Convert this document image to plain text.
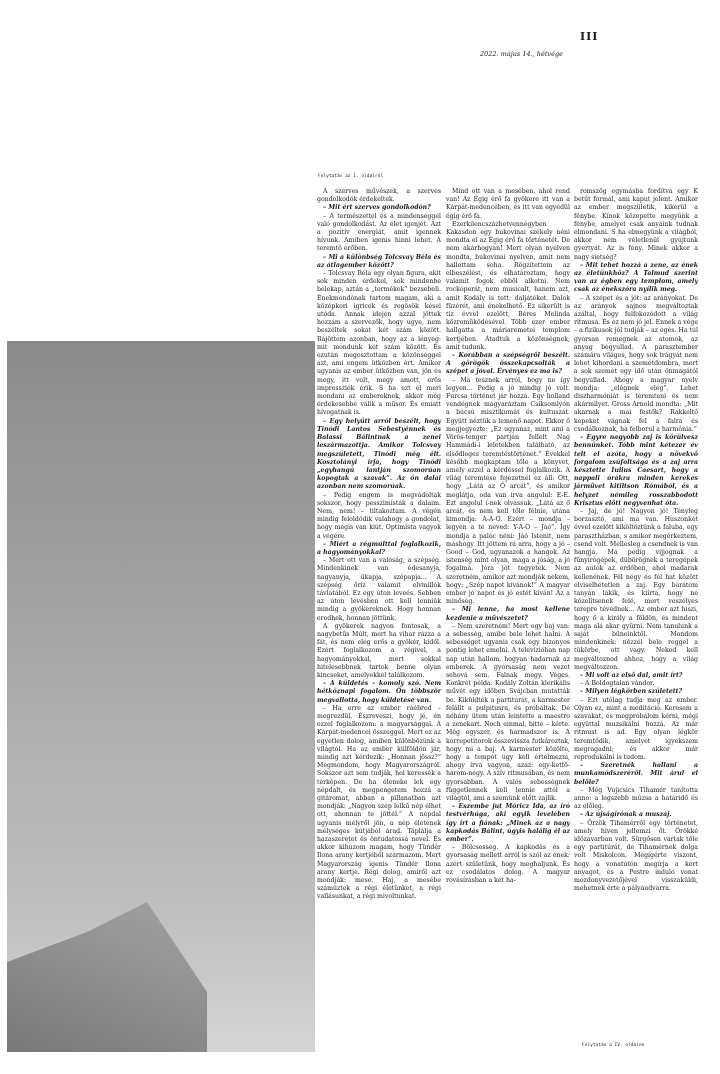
III
2022. május 14., hétvége
Folytatás az I. oldalról

A szerves művészek, a szerves gondolkodók érdekeltek.

– Mit ért szerves gondolkodón?

– A természettel és a mindenséggel való gondolkodást. Az élet igenjét. Azt a pozitív energiát, amit igennek hívunk. Amiben igenis hinni lehet. A teremtő erőben.

– Mi a különbség Tolcsvay Béla és az átlagember között?

– Tolcsvay Béla egy olyan figura, akit sok minden érdekel, sok mindenbe belekap, aztán a „termékek” bezsebeli. Énekmondónak tartom magam, aki a középkori igricek és regösök kései utóda. Annak idején azzal jöttek hozzám a szervezők, hogy ugye, nem beszéltek sokat két szám között. Rájöttem azonban, hogy az a lényeg: mit mondunk két szám között. És ezután megosztottam a közönséggel azt, ami engem ütközben ért. Amikor ugyanis az ember ütközben van, jön és megy, itt volt, megy amott, erős impressziók érik. S ha ezt el meri mondani az embereknek, akkor még érdekesebbé válik a műsor. És emiatt hívogatnak is.

– Egy helyütt arról beszélt, hogy Tinódi Lantos Sebestyénnek és Balassi Bálintnak a zenei leszármazottja. Amikor Tolcsvay megszületett, Tinódi még élt. Kosztolányi írja, hogy Tinódi „egyhangú lantján szomorúan kopogtak a szavak”. Az ön dalai azonban nem szomorúak.

– Pedig engem is megvádoltak sokszor, hogy pesszimisták a dalaim. Nem, nem! – tiltakoztam. A végén mindig feloldódik valahogy a gondolat, hogy mégis van kiút. Optimista vagyok a végére.

– Miért a régmúlttal foglalkozik, a hagyományokkal?

– Mert ott van a valóság, a szépség. Mindenkinek van édesanyja, nagyanyja, ükapja, szépapja... A szépség őriz valamit elvmillók távlatából. Ez egy úton leveés. Sebben az úton levésben ott kell lenniük mindig a gyökereknek. Hogy honnan eredhek, honnan jöttünk.

A gyökerek nagyon fontosak, a nagybetűs Múlt, mert ha vihar rázza a fát, és nem elég erős a gyökér, kidől. Ezért foglalkozom a régivel, a hagyományokkal, mert sokkal hitelesebbnek tartok benne olyan kincseket, amelyekkel találkozom.

– A küldetés – komoly szó. Nem hétköznapi fogalom. Ön többször megvallotta, hogy küldetése van.

– Ha erre az ember ráébred – megrezdül. Észreveszi, hogy jé, én ezzel foglalkozom: a magyarsággal. A Kárpát-medencei összeggel. Mert ez az egyetlen dolog, amiben különbözünk a világtól. Ha az ember külföldön jár, mindig azt kérdezik: „Honnan jössz?” Megmondom, hogy Magyarországról. Sokszor azt sem tudják, hol keressék a térképen. De ha éleneke lek egy népdalt, és megpengetem hozzá a gitáromat, abban a pillanatban azt mondják: „Nagyon szép lelkű nép élhet ott, ahonnan te jöttél.” A népdal ugyanis mélyről jön, a nép életének mélységes kútjából árad. Táplálja a hazaszeretet és öntudatossá nevel. És akkor kihúzom magam, hogy Tündér Ilona arany kertjéből származom. Mert Magyarország igenis Tündér Ilona arany kertje. Régi dolog, amiről azt mondják: mese. Haj, a mesébe számûztek a régi életünket, a régi vallásunkat, a régi mivoltunkat.

Mind ott van a mesében, ahol rend van! Az Égig érő fa gyökere itt van a Kárpát-medencében, és itt van egyedül égig érő fa.

Ezerkilencszázhetvennégyben Kakasdon egy bukovinai székely néni mondta el az Égig érő fa történetét. De nem akárhogyan! Mert olyan nyelven mondta, bukovinai nyelven, amit nem hallottam soha. Rögzítettem az elbeszélést, és elhatároztam, hogy valamit fogok ebből alkotni. Nem rockoperát, nem musicalt, hanem azt, amit Kodály is tett: daljátékot. Dalok füzérét, ami énekelhető. Ez sikerült is tíz évvel ezelőtt, Béres Melinda közreműködésével. Több ezer ember hallgatta a máriaremetei templom kertjében. Átadtuk a közönségnek, amit tudunk.

– Korábban a szépségről beszélt. A görögök összekapcsolták a szépet a jóval. Érvényes ez ma is?

– Ma tesznek arról, hogy ne így legyen... Pedig a jó mindig jó volt. Furcsa történet jár hozzá. Egy holland vendégnek magyaráztam Csíksomlyón a búcsú misztikumát és kultuszát. Együtt néztük a lemenő napot. Ekkor ő megjegyezte: „Ez ugyanaz, mint ami a Vörös-tenger partján fellelt Nag Hammádi-i leletekben található, az elsődleges teremtéstörténet.” Évekkel később megkaptam tőle a könyvet, amely ezzel a kérdéssel foglalkozik. A világ teremtése fejezetnél ez áll: Ott, hogy „Látá az Ő arcát”, és amikor meglátja, oda van írva angolul: E-E. Ezt angolul í-nek olvassuk. „Látá az ő arcát, és nem kell tőle félnie, utána kimondja: A-A-O. Ezért – mondja – legyen a te neved: Y-A-O – Jáó”. Így mondja a palóc néni: Jáó Istenit, nem máshogy. Itt jöttem rá arra, hogy a jó – Good – God, ugyanazok a hangok. Az istenség mint olyan, maga a jóság, a jó fogalma. Jóra jót tegyetek. Nem szeretném, amikor azt mondják nekem, hogy: „Szép napot kívánok!” A magyar ember jó napot és jó estét kíván! Az a minőség.

– Mi lenne, ha most kellene kezdenie a művészetet?

– Nem szeretném! Mert egy baj van: a sebesség, amibe bele lehet halni. A sebességet ugyanis csak egy bizonyos pontig lehet emelni. A televízióban nap nap után hallom, hogyan hadarnak az emberek. A gyorsaság nem vezet sehová sem. Falnak megy. Véges. Konkrét példa: Kodály Zoltán klerikális művét egy időben Svájcban mutatták be. Kiküldték a partitúrát, a karmester felállt a pulpitusra, és próbáltak. De néhány ütem után leintette a maestro a zenekart. Noch einmal, bitte – kérte. Még egyszer, és harmadszor is. A korrepetitorok összevissza futkároztak, hogy mi a baj. A karmester közölte, hogy a tempót úgy kell értelmezni, ahogy írva vagyon, azaz: egy-kettő-három-négy. A szív ritmusában, és nem gyorsabban. A valós sebességnek függetlennek kell lennie attól a világtól, ami a szemünk előtt zajlik.

– Eszembe jut Móricz Ida, az író testvérhúga, aki egyik levelében így írt a fiának: „Minek az a nagy kapkodás Bálint, úgyis halálig él az ember”.

– Bölcsesség. A kapkodás és a gyorsaság mellett arról is szól az ének: azért születünk, hogy meghaljunk. És ez csodálatos dolog. A magyar rovásírásban a két ha-

romszög egymásba fordítva egy K betűt formál, ami kaput jelent. Amikor az ember megszületik, kikerül a fénybe. Kínok közepette megyünk a fénybe, amelyet csak anyáink tudnak elmondani. S ha elmegyünk a világból, akkor nem véletlenül gyújtunk gyertyát. Az is fény. Minek akkor a nagy sietség?

– Mit tehet hozzá a zene, az ének az életünkhöz? A Talmud szerint van az égben egy templom, amely csak az énekszóra nyílik meg.

– A szépet és a jót: az arányokat. De az arányok sajnos megváltoztak azáltal, hogy felfokozódott a világ ritmusa. És ez nem jó jel. Ennek a vége – a fizikusok jól tudják – az égés. Ha túl gyorsan remegnek az atomok, az anyag begyullad. A parasztember számára világos, hogy sok trágyát nem lehet kihordani a szemétdombra, mert a sok szemét egy idő után önmagától begyullad. Ahogy a magyar nyelv mondja: „elégnek elég”. Lehet diszharmóniát is teremteni és nem akármilyet. Gross Arnold mondta: „Mit akarnak a mai festők? Rákkeltő képeket vágnak fel a falra és csodálkoznak, ha felborul a harmónia.”

– Egyre nagyobb zaj is körülvesz bennünket. Tóbb mint kétezer év telt el azóta, hogy a növekvő forgalom zsúfoltsága és a zaj arra késztette Iulius Caesart, hogy a nappali órákra minden kerekes járművet kitiltson Rómából, és a helyzet némileg rosszabbodott Krisztus előtt negyvenhat óta.

– Jaj, de jó! Nagyon jó! Tényleg borzasztó, ami ma van. Huszonkét évvel ezelőtt kiköltöztünk a faluba, egy parasztházban, s amikor megérkeztem, csend volt. Mellesleg a csendnek is van hangja. Ma pedig vijjognak a fűnyírógépek, dübörögnek a teregépek az autók az erdőben, ahol madarak kellenének. Fél négy és fél hat között elviselhetetlen a zaj. Egy barátom tanyán lakik, és kiírta, hogy ne közelítsenek felé, mert veszélyes terepre tévednek... Az ember azt hiszi, hogy ő a király a földön, és mindent maga alá akar gyűrni. Nem tanulunk a saját bűneinktől. Mondom mindenkinek: nézzél bele reggel a tükörbe, ott vagy. Neked kell megváltoznod ahhoz, hogy a világ megváltozzon.

– Mi volt az első dal, amit írt?

– A Boldogtalan vándor.

– Milyen légkörben született?

– Ezt utólag tudja meg az ember. Olyan ez, mint a meditáció. Keresem a szavakat, és megpróbálom kérni, mégi együttal muzsikálni hozzá. Az már ritmust is ad. Egy olyan légkör teremtődik, amelyet igyekszem megragadni; és akkor már reprodukálni is tudom.

– Szeretnék hallani a munkamódszeréről. Mit árul el belőle?

– Még Vujicsics Tihamér tanította anno: a legszebb mûzsa a határidő és az előleg.

– Az újságírónak a muszáj.

– Őrzök Tihamérről egy történetet, amely híven jellemzi őt. Örökké időzavarban volt. Sürgősen vártak tőle egy partitúrát, de Tihamérnek dolga volt Miskolcon. Megígérte viszont, hogy a vonatútón megírja a kért anyagot, és a Pestre induló vonat mozdonyvezetőjével visszaküldi, mehetnek érte a pályaudvarra.

Folytatás a IV. oldalon
